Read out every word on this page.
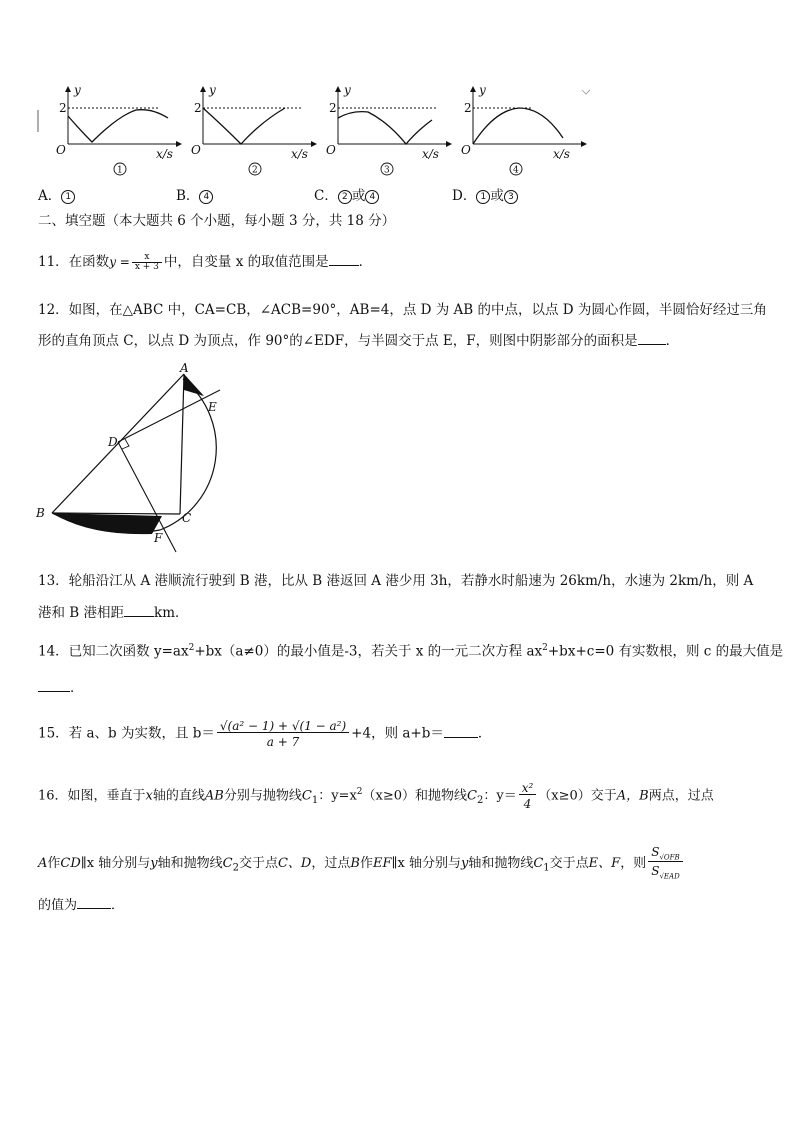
y
2
O	x/s
y
2
O	x/s
y
2
O	x/s
y
2
O	x/s
1	2	3	4
A． 1	B． 4	C． 2 或 4	D． 1 或 3
二、填空题（本大题共 6 个小题，每小题 3 分，共 18 分）
11．在函数$y = \frac{x}{x + 3}$ 中，自变量 x 的取值范围是 ．
12．如图，在△ABC 中，CA=CB，∠ACB=90°，AB=4，点 D 为 AB 的中点，以点 D 为圆心作圆，半圆恰好经过三角
形的直角顶点 C，以点 D 为顶点，作 90°的∠EDF，与半圆交于点 E，F，则图中阴影部分的面积是 ．
A
B	C
D
E
F
13．轮船沿江从 A 港顺流行驶到 B 港，比从 B 港返回 A 港少用 3h，若静水时船速为 26km/h，水速为 2km/h，则 A
港和 B 港相距 km．
14．已知二次函数 $y=ax^2+bx(a\ne 0)$的最小值是-3，若关于 x 的一元二次方程 $ax^2+bx+c=0$ 有实数根，则 c 的最大值是
．
15．若 a、b 为实数，且 $b= \frac{\text{√(a² − 1) + √(1 − a²)}}{a + 7} +4$，则 a+b＝	．
16．如图，垂直于x轴的直线AB分别与抛物线$C_1$：$y=x^2(x\ge 0)$和抛物线$C_2$：$y= \frac{\text{x²}}{4} (x\ge 0)$交于A，B两点，过点
A作CD∥x 轴分别与y轴和抛物线$C_2$交于点C、D，过点B作EF∥x 轴分别与y轴和抛物线$C_1$交于点E、F，则 $\frac{S_{√OFB}}{S_{√EAD}}$
的值为	．
